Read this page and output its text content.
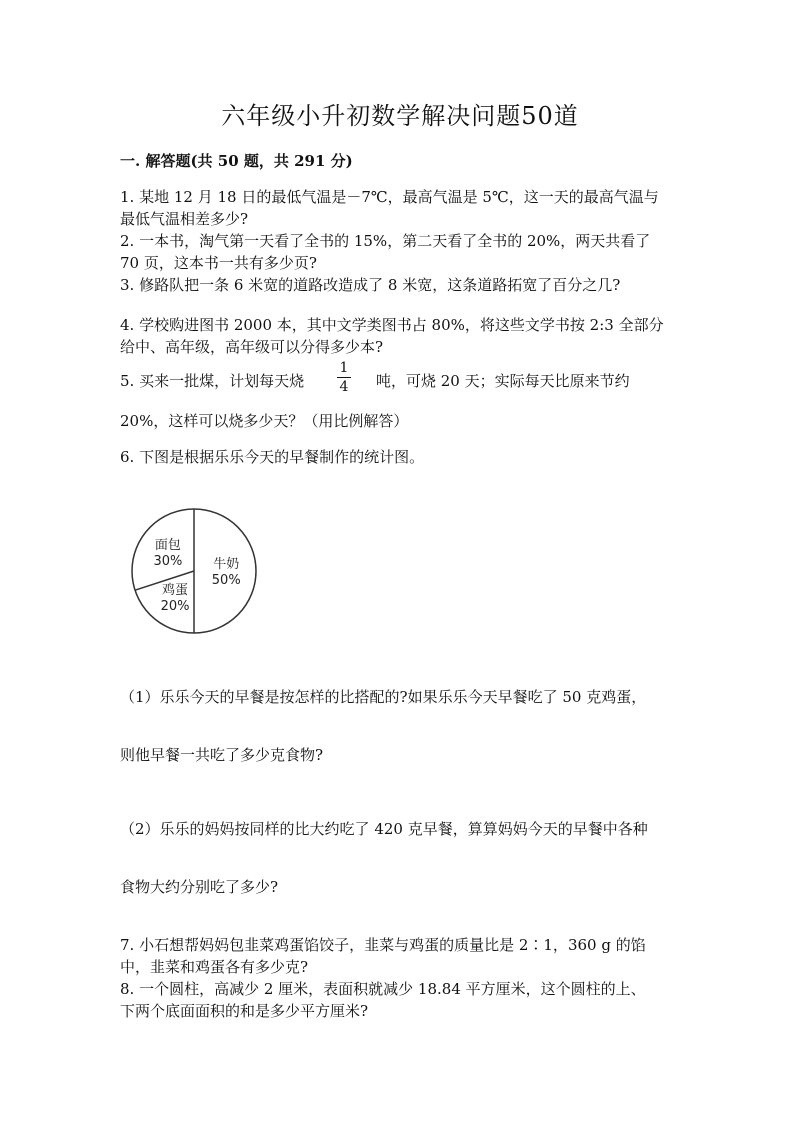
六年级小升初数学解决问题50道
一. 解答题(共 50 题，共 291 分)
1. 某地 12 月 18 日的最低气温是－7℃，最高气温是 5℃，这一天的最高气温与
最低气温相差多少?
2. 一本书，淘气第一天看了全书的 15%，第二天看了全书的 20%，两天共看了
70 页，这本书一共有多少页?
3. 修路队把一条 6 米宽的道路改造成了 8 米宽，这条道路拓宽了百分之几?
4. 学校购进图书 2000 本，其中文学类图书占 80%，将这些文学书按 2:3 全部分
给中、高年级，高年级可以分得多少本?
5. 买来一批煤，计划每天烧
1
4	吨，可烧 20 天；实际每天比原来节约
20%，这样可以烧多少天？（用比例解答）
6. 下图是根据乐乐今天的早餐制作的统计图。
牛奶
50%
面包
30%
鸡蛋
20%
（1）乐乐今天的早餐是按怎样的比搭配的?如果乐乐今天早餐吃了 50 克鸡蛋，
则他早餐一共吃了多少克食物?
（2）乐乐的妈妈按同样的比大约吃了 420 克早餐，算算妈妈今天的早餐中各种
食物大约分别吃了多少?
7. 小石想帮妈妈包韭菜鸡蛋馅饺子，韭菜与鸡蛋的质量比是 2∶1，360 g 的馅
中，韭菜和鸡蛋各有多少克?
8. 一个圆柱，高减少 2 厘米，表面积就减少 18.84 平方厘米，这个圆柱的上、
下两个底面面积的和是多少平方厘米?
